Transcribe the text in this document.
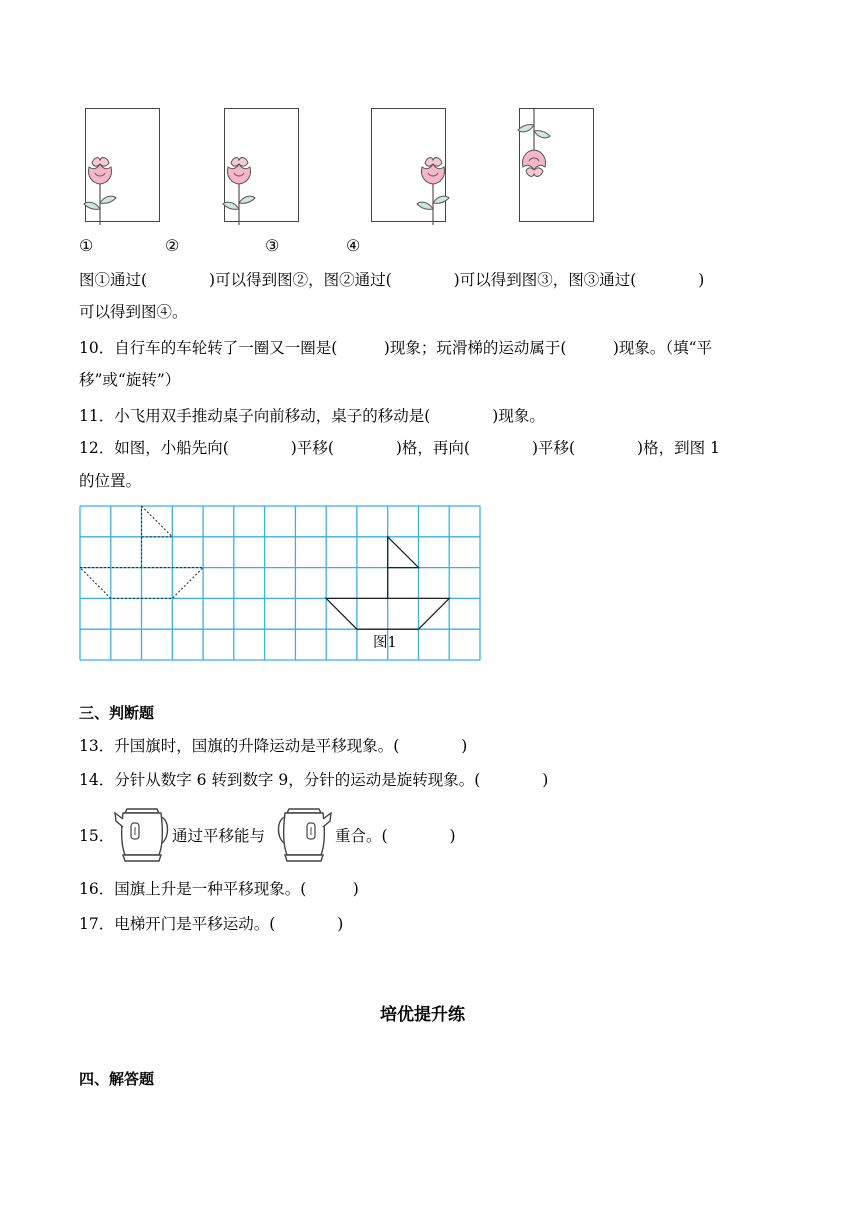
①	②	③	④
图①通过(　　　　)可以得到图②，图②通过(　　　　)可以得到图③，图③通过(　　　　)
可以得到图④。
10．自行车的车轮转了一圈又一圈是(　　　)现象；玩滑梯的运动属于(　　　)现象。（填“平
移”或“旋转”）
11．小飞用双手推动桌子向前移动，桌子的移动是(　　　　)现象。
12．如图，小船先向(　　　　)平移(　　　　)格，再向(　　　　)平移(　　　　)格，到图 1
的位置。
图1
三、判断题
13．升国旗时，国旗的升降运动是平移现象。(　　　　)
14．分针从数字 6 转到数字 9，分针的运动是旋转现象。(　　　　)
15．	通过平移能与	重合。(　　　　)
16．国旗上升是一种平移现象。(　　　)
17．电梯开门是平移运动。(　　　　)
培优提升练
四、解答题
